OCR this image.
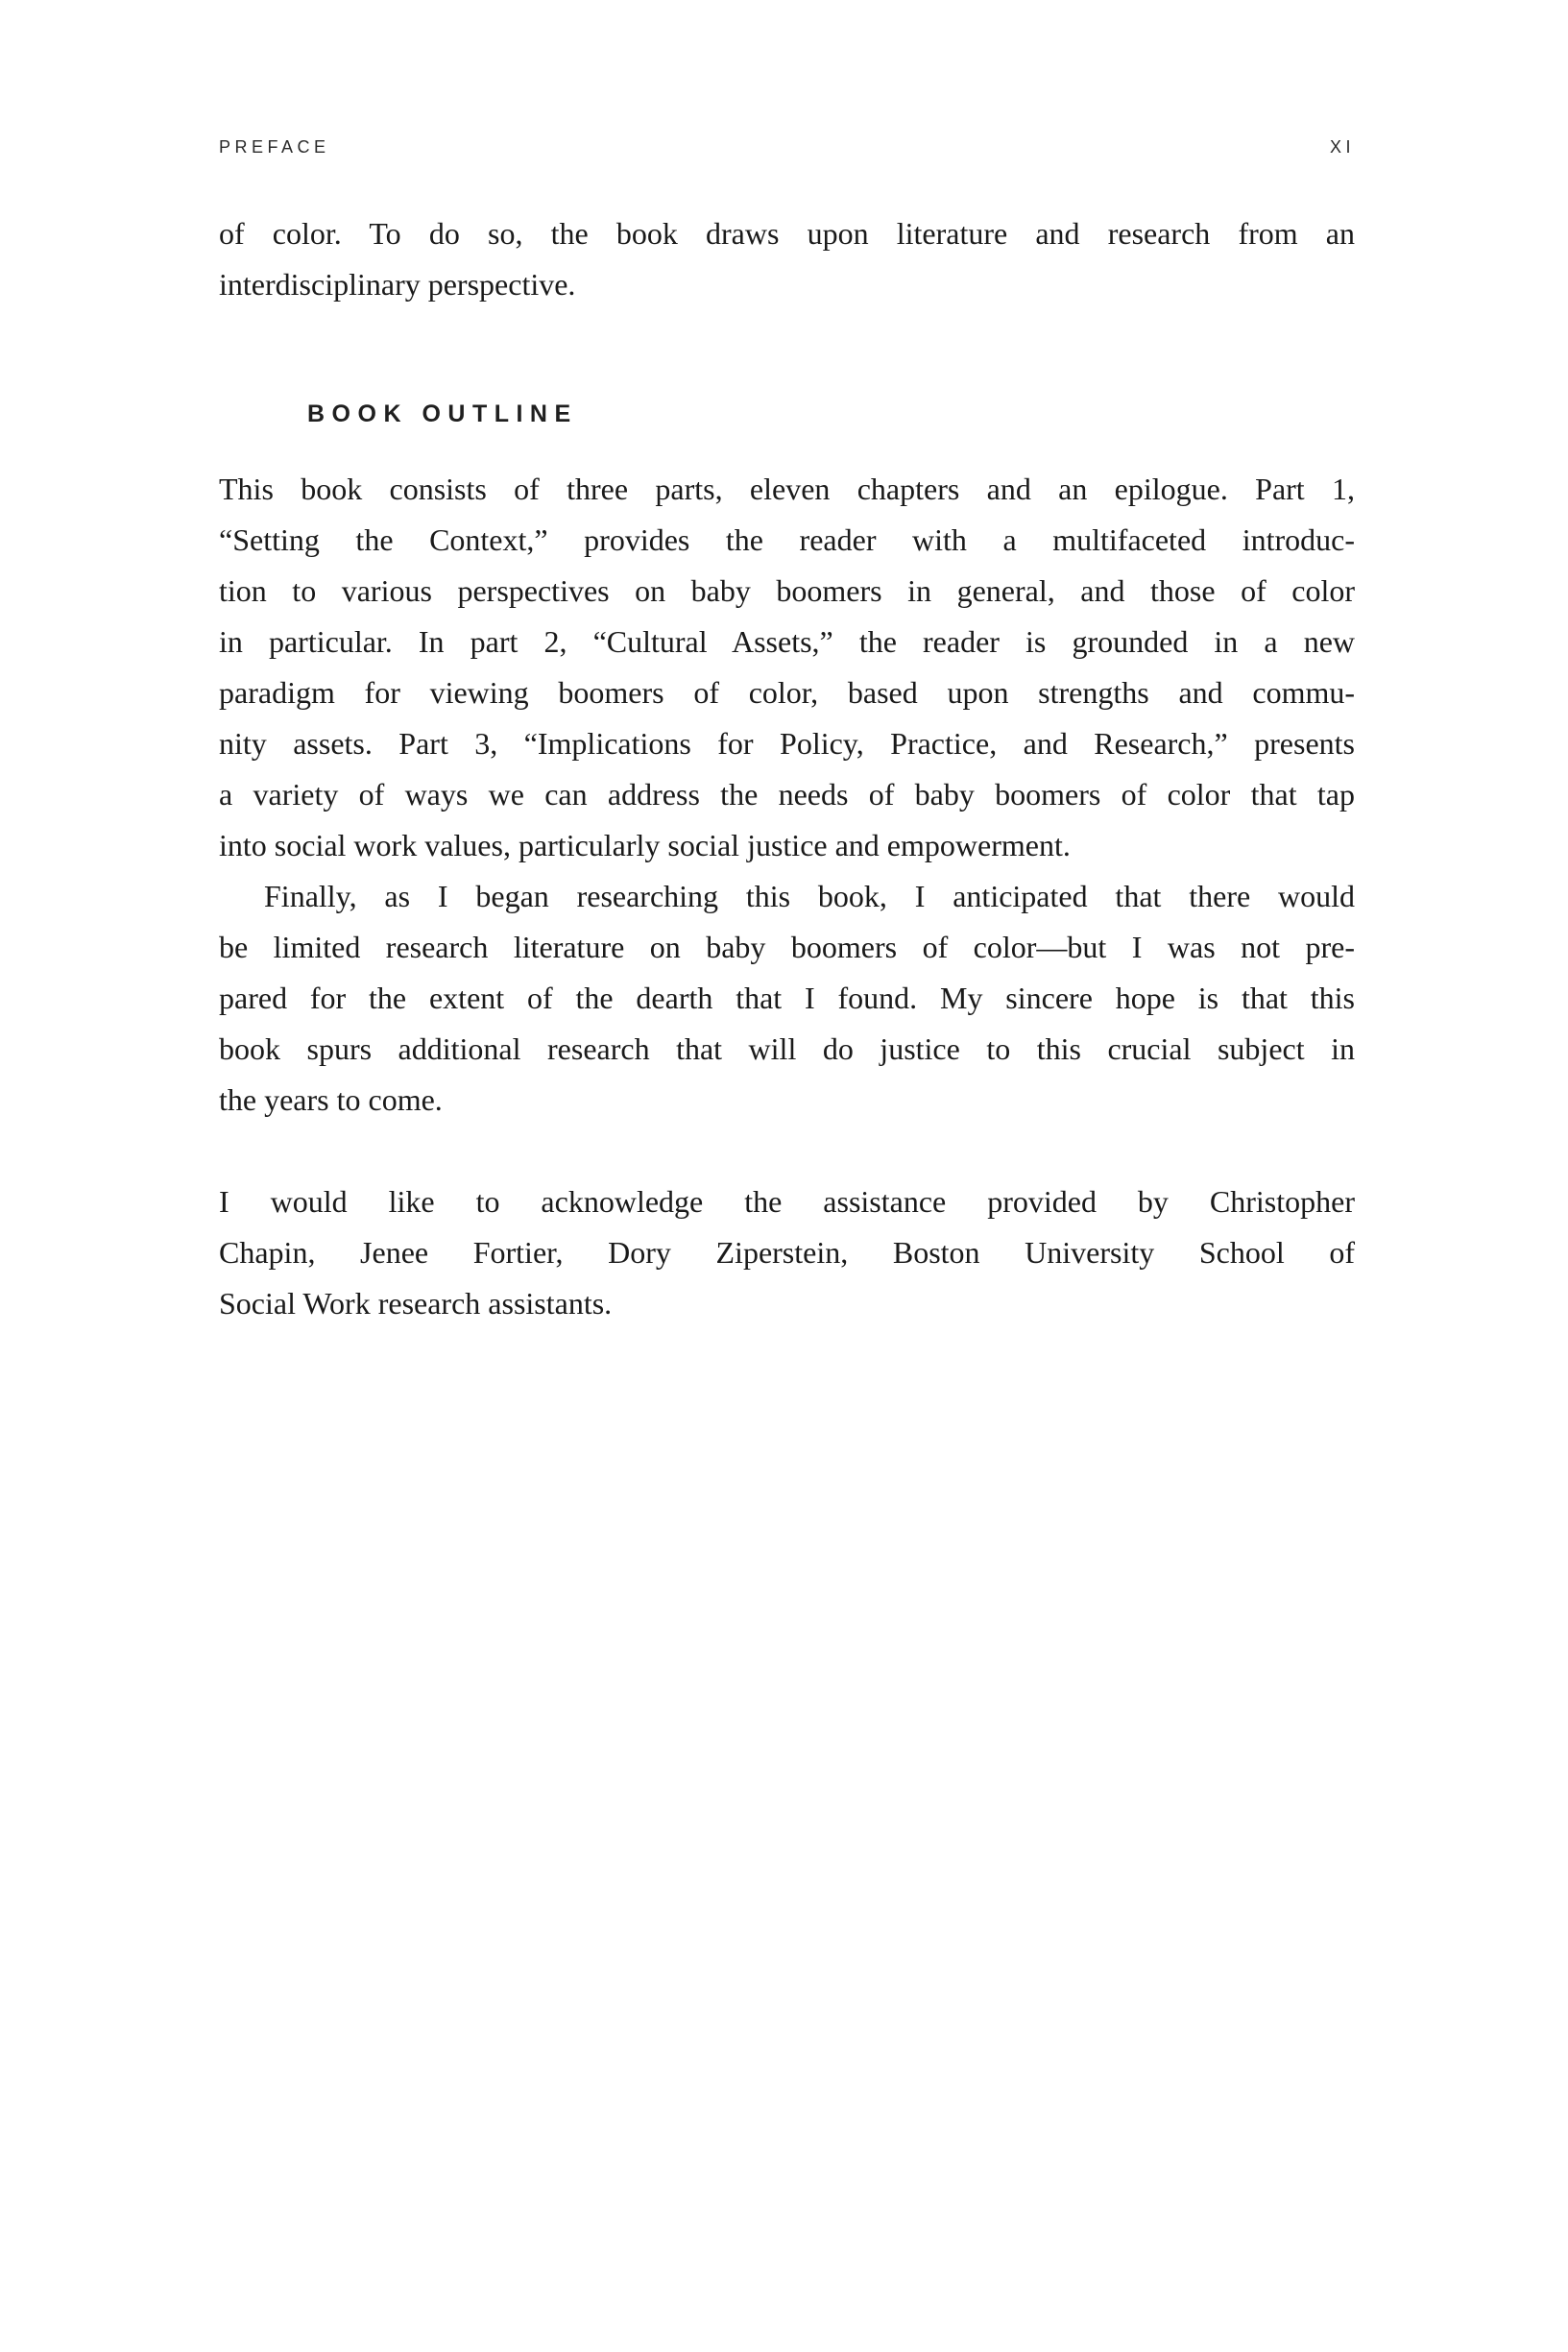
PREFACE	XI
of color. To do so, the book draws upon literature and research from an
interdisciplinary perspective.
BOOK OUTLINE
This book consists of three parts, eleven chapters and an epilogue. Part 1,
“Setting the Context,” provides the reader with a multifaceted introduc-
tion to various perspectives on baby boomers in general, and those of color
in particular. In part 2, “Cultural Assets,” the reader is grounded in a new
paradigm for viewing boomers of color, based upon strengths and commu-
nity assets. Part 3, “Implications for Policy, Practice, and Research,” presents
a variety of ways we can address the needs of baby boomers of color that tap
into social work values, particularly social justice and empowerment.
Finally, as I began researching this book, I anticipated that there would
be limited research literature on baby boomers of color—but I was not pre-
pared for the extent of the dearth that I found. My sincere hope is that this
book spurs additional research that will do justice to this crucial subject in
the years to come.
I would like to acknowledge the assistance provided by Christopher
Chapin, Jenee Fortier, Dory Ziperstein, Boston University School of
Social Work research assistants.
